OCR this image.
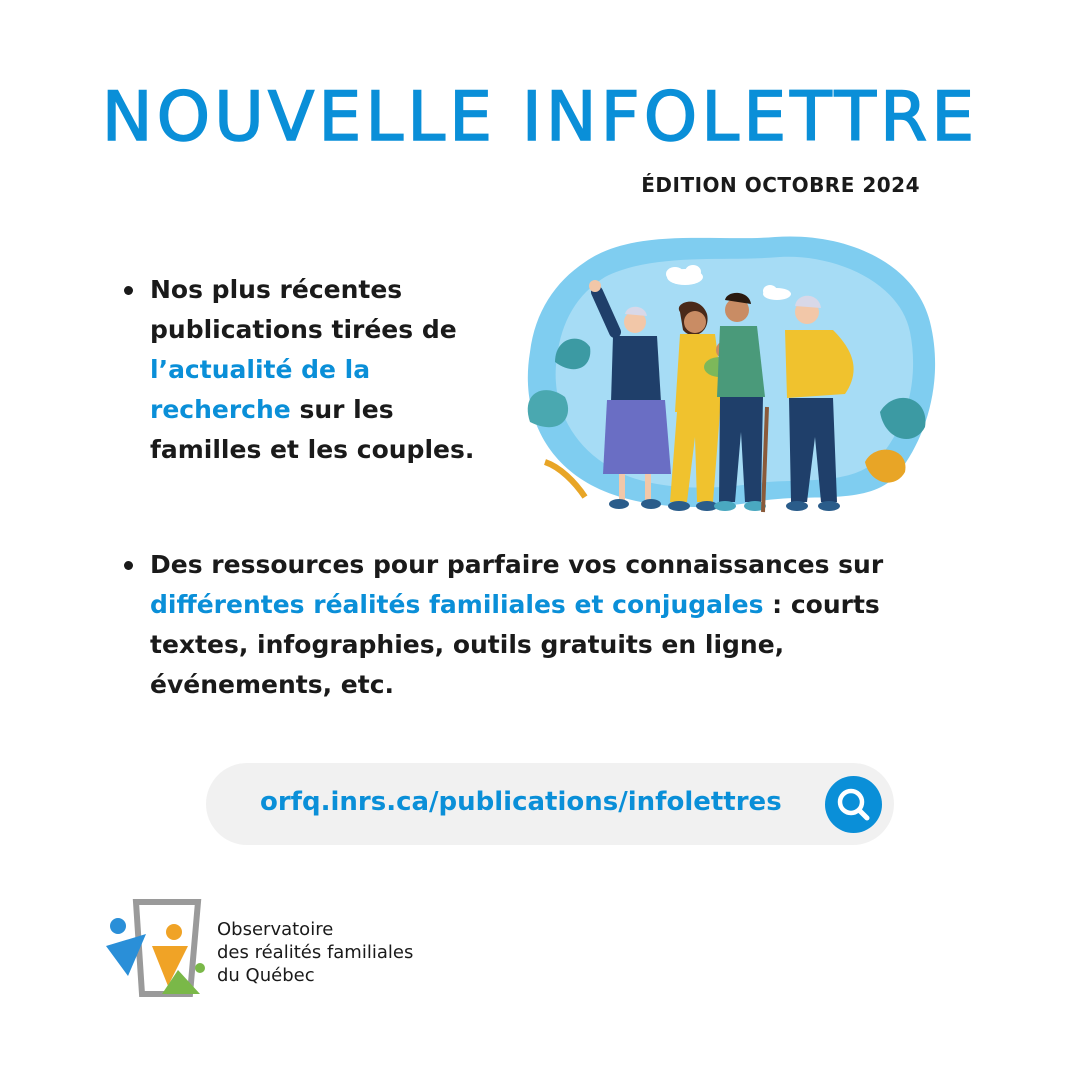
NOUVELLE INFOLETTRE
ÉDITION OCTOBRE 2024
Nos plus récentes publications tirées de l’actualité de la recherche sur les familles et les couples.
Des ressources pour parfaire vos connaissances sur différentes réalités familiales et conjugales : courts textes, infographies, outils gratuits en ligne, événements, etc.
orfq.inrs.ca/publications/infolettres
Observatoire
des réalités familiales
du Québec
